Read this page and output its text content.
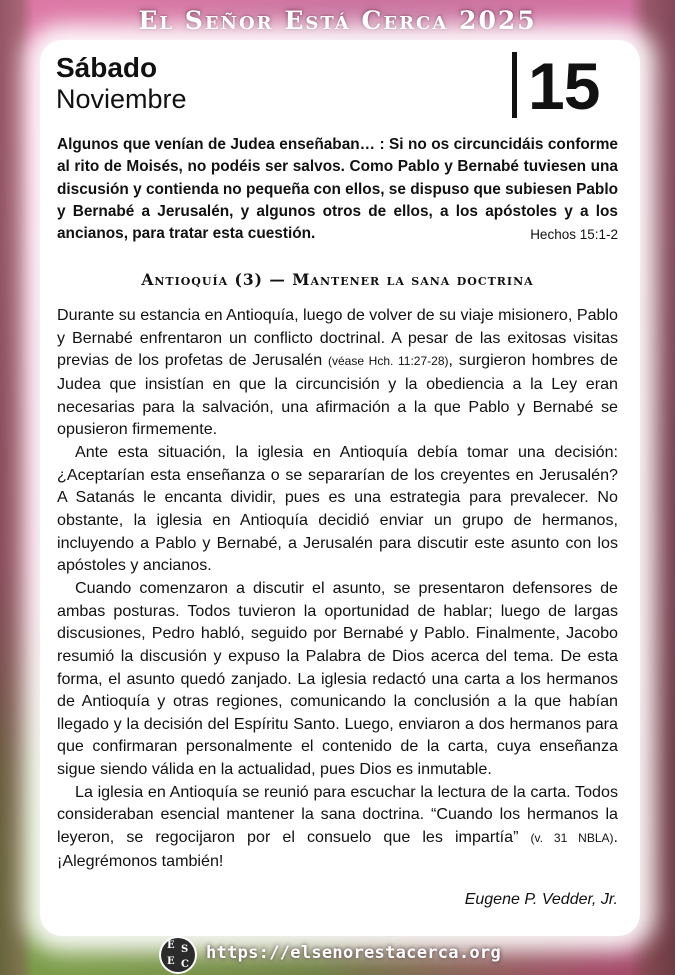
El Señor Está Cerca 2025
Sábado
Noviembre	15
Algunos que venían de Judea enseñaban… : Si no os circuncidáis conforme al rito de Moisés, no podéis ser salvos. Como Pablo y Bernabé tuviesen una discusión y contienda no pequeña con ellos, se dispuso que subiesen Pablo y Bernabé a Jerusalén, y algunos otros de ellos, a los apóstoles y a los ancianos, para tratar esta cuestión.	Hechos 15:1-2
Antioquía (3) — Mantener la sana doctrina

Durante su estancia en Antioquía, luego de volver de su viaje misionero, Pablo y Bernabé enfrentaron un conflicto doctrinal. A pesar de las exitosas visitas previas de los profetas de Jerusalén (véase Hch. 11:27-28), surgieron hombres de Judea que insistían en que la circuncisión y la obediencia a la Ley eran necesarias para la salvación, una afirmación a la que Pablo y Bernabé se opusieron firmemente.

Ante esta situación, la iglesia en Antioquía debía tomar una decisión: ¿Aceptarían esta enseñanza o se separarían de los creyentes en Jerusalén? A Satanás le encanta dividir, pues es una estrategia para prevalecer. No obstante, la iglesia en Antioquía decidió enviar un grupo de hermanos, incluyendo a Pablo y Bernabé, a Jerusalén para discutir este asunto con los apóstoles y ancianos.

Cuando comenzaron a discutir el asunto, se presentaron defensores de ambas posturas. Todos tuvieron la oportunidad de hablar; luego de largas discusiones, Pedro habló, seguido por Bernabé y Pablo. Finalmente, Jacobo resumió la discusión y expuso la Palabra de Dios acerca del tema. De esta forma, el asunto quedó zanjado. La iglesia redactó una carta a los hermanos de Antioquía y otras regiones, comunicando la conclusión a la que habían llegado y la decisión del Espíritu Santo. Luego, enviaron a dos hermanos para que confirmaran personalmente el contenido de la carta, cuya enseñanza sigue siendo válida en la actualidad, pues Dios es inmutable.

La iglesia en Antioquía se reunió para escuchar la lectura de la carta. Todos consideraban esencial mantener la sana doctrina. “Cuando los hermanos la leyeron, se regocijaron por el consuelo que les impartía” (v. 31 NBLA). ¡Alegrémonos también!

Eugene P. Vedder, Jr.
E S
E C
https://elsenorestacerca.org
